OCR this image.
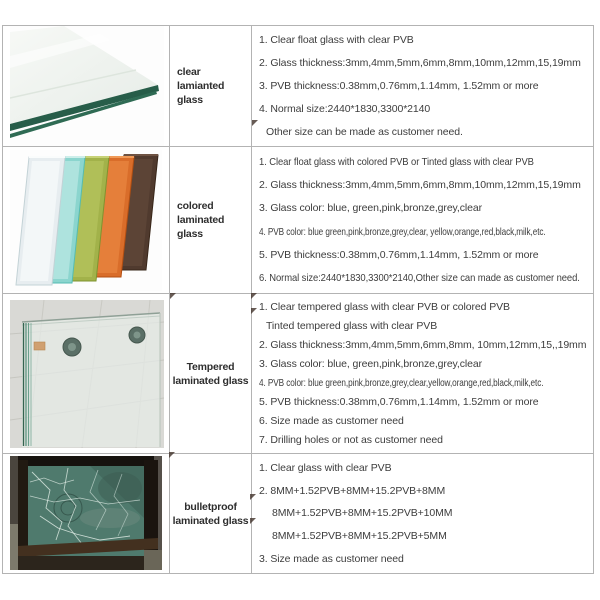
clear
lamianted glass
1. Clear float glass with clear PVB
2. Glass thickness:3mm,4mm,5mm,6mm,8mm,10mm,12mm,15,19mm
3. PVB thickness:0.38mm,0.76mm,1.14mm, 1.52mm or more
4. Normal size:2440*1830,3300*2140
Other size can be made as customer need.
colored
laminated glass
1. Clear float glass with colored PVB or Tinted glass with clear PVB
2. Glass thickness:3mm,4mm,5mm,6mm,8mm,10mm,12mm,15,19mm
3. Glass color: blue, green,pink,bronze,grey,clear
4. PVB color: blue green,pink,bronze,grey,clear, yellow,orange,red,black,milk,etc.
5. PVB thickness:0.38mm,0.76mm,1.14mm, 1.52mm or more
6. Normal size:2440*1830,3300*2140,Other size can made as customer need.
Tempered
laminated glass
1. Clear tempered glass with clear PVB or colored PVB
Tinted tempered glass with clear PVB
2. Glass thickness:3mm,4mm,5mm,6mm,8mm, 10mm,12mm,15,,19mm
3. Glass color: blue, green,pink,bronze,grey,clear
4. PVB color: blue green,pink,bronze,grey,clear,yellow,orange,red,black,milk,etc.
5. PVB thickness:0.38mm,0.76mm,1.14mm, 1.52mm or more
6. Size made as customer need
7. Drilling holes or not as customer need
bulletproof
laminated glass
1. Clear glass with clear PVB
2. 8MM+1.52PVB+8MM+15.2PVB+8MM
8MM+1.52PVB+8MM+15.2PVB+10MM
8MM+1.52PVB+8MM+15.2PVB+5MM
3. Size made as customer need
